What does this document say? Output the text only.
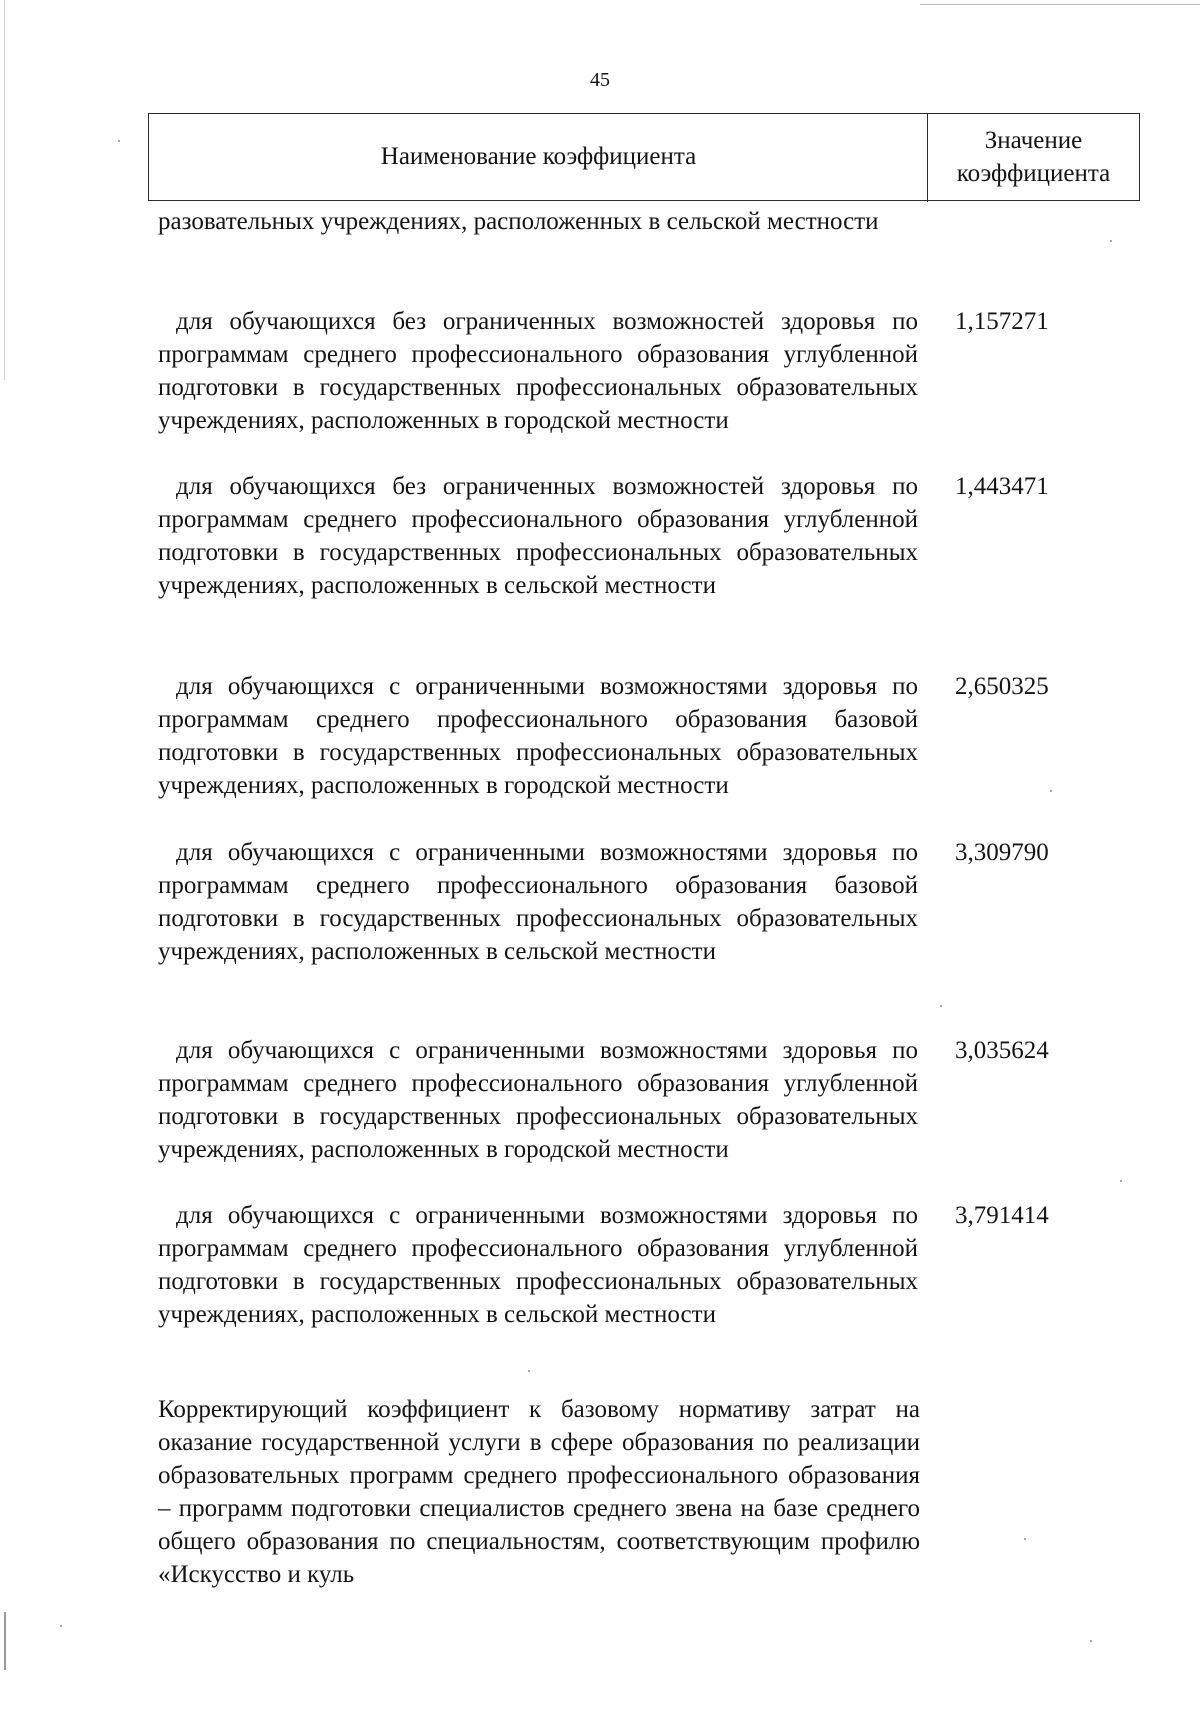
45
Наименование коэффициента
Значение
коэффициента
разовательных учреждениях, расположенных в сельской местности
для обучающихся без ограниченных возможностей здоровья по программам среднего профессионального образования углубленной подготовки в государственных профессиональных образовательных учреждениях, расположенных в городской местности
1,157271
для обучающихся без ограниченных возможностей здоровья по программам среднего профессионального образования углубленной подготовки в государственных профессиональных образовательных учреждениях, расположенных в сельской местности
1,443471
для обучающихся с ограниченными возможностями здоровья по программам среднего профессионального образования базовой подготовки в государственных профессиональных образовательных учреждениях, расположенных в городской местности
2,650325
для обучающихся с ограниченными возможностями здоровья по программам среднего профессионального образования базовой подготовки в государственных профессиональных образовательных учреждениях, расположенных в сельской местности
3,309790
для обучающихся с ограниченными возможностями здоровья по программам среднего профессионального образования углубленной подготовки в государственных профессиональных образовательных учреждениях, расположенных в городской местности
3,035624
для обучающихся с ограниченными возможностями здоровья по программам среднего профессионального образования углубленной подготовки в государственных профессиональных образовательных учреждениях, расположенных в сельской местности
3,791414
Корректирующий коэффициент к базовому нормативу затрат на оказание государственной услуги в сфере образования по реализации образовательных программ среднего профессионального образования – программ подготовки специалистов среднего звена на базе среднего общего образования по специальностям, соответствующим профилю «Искусство и куль
